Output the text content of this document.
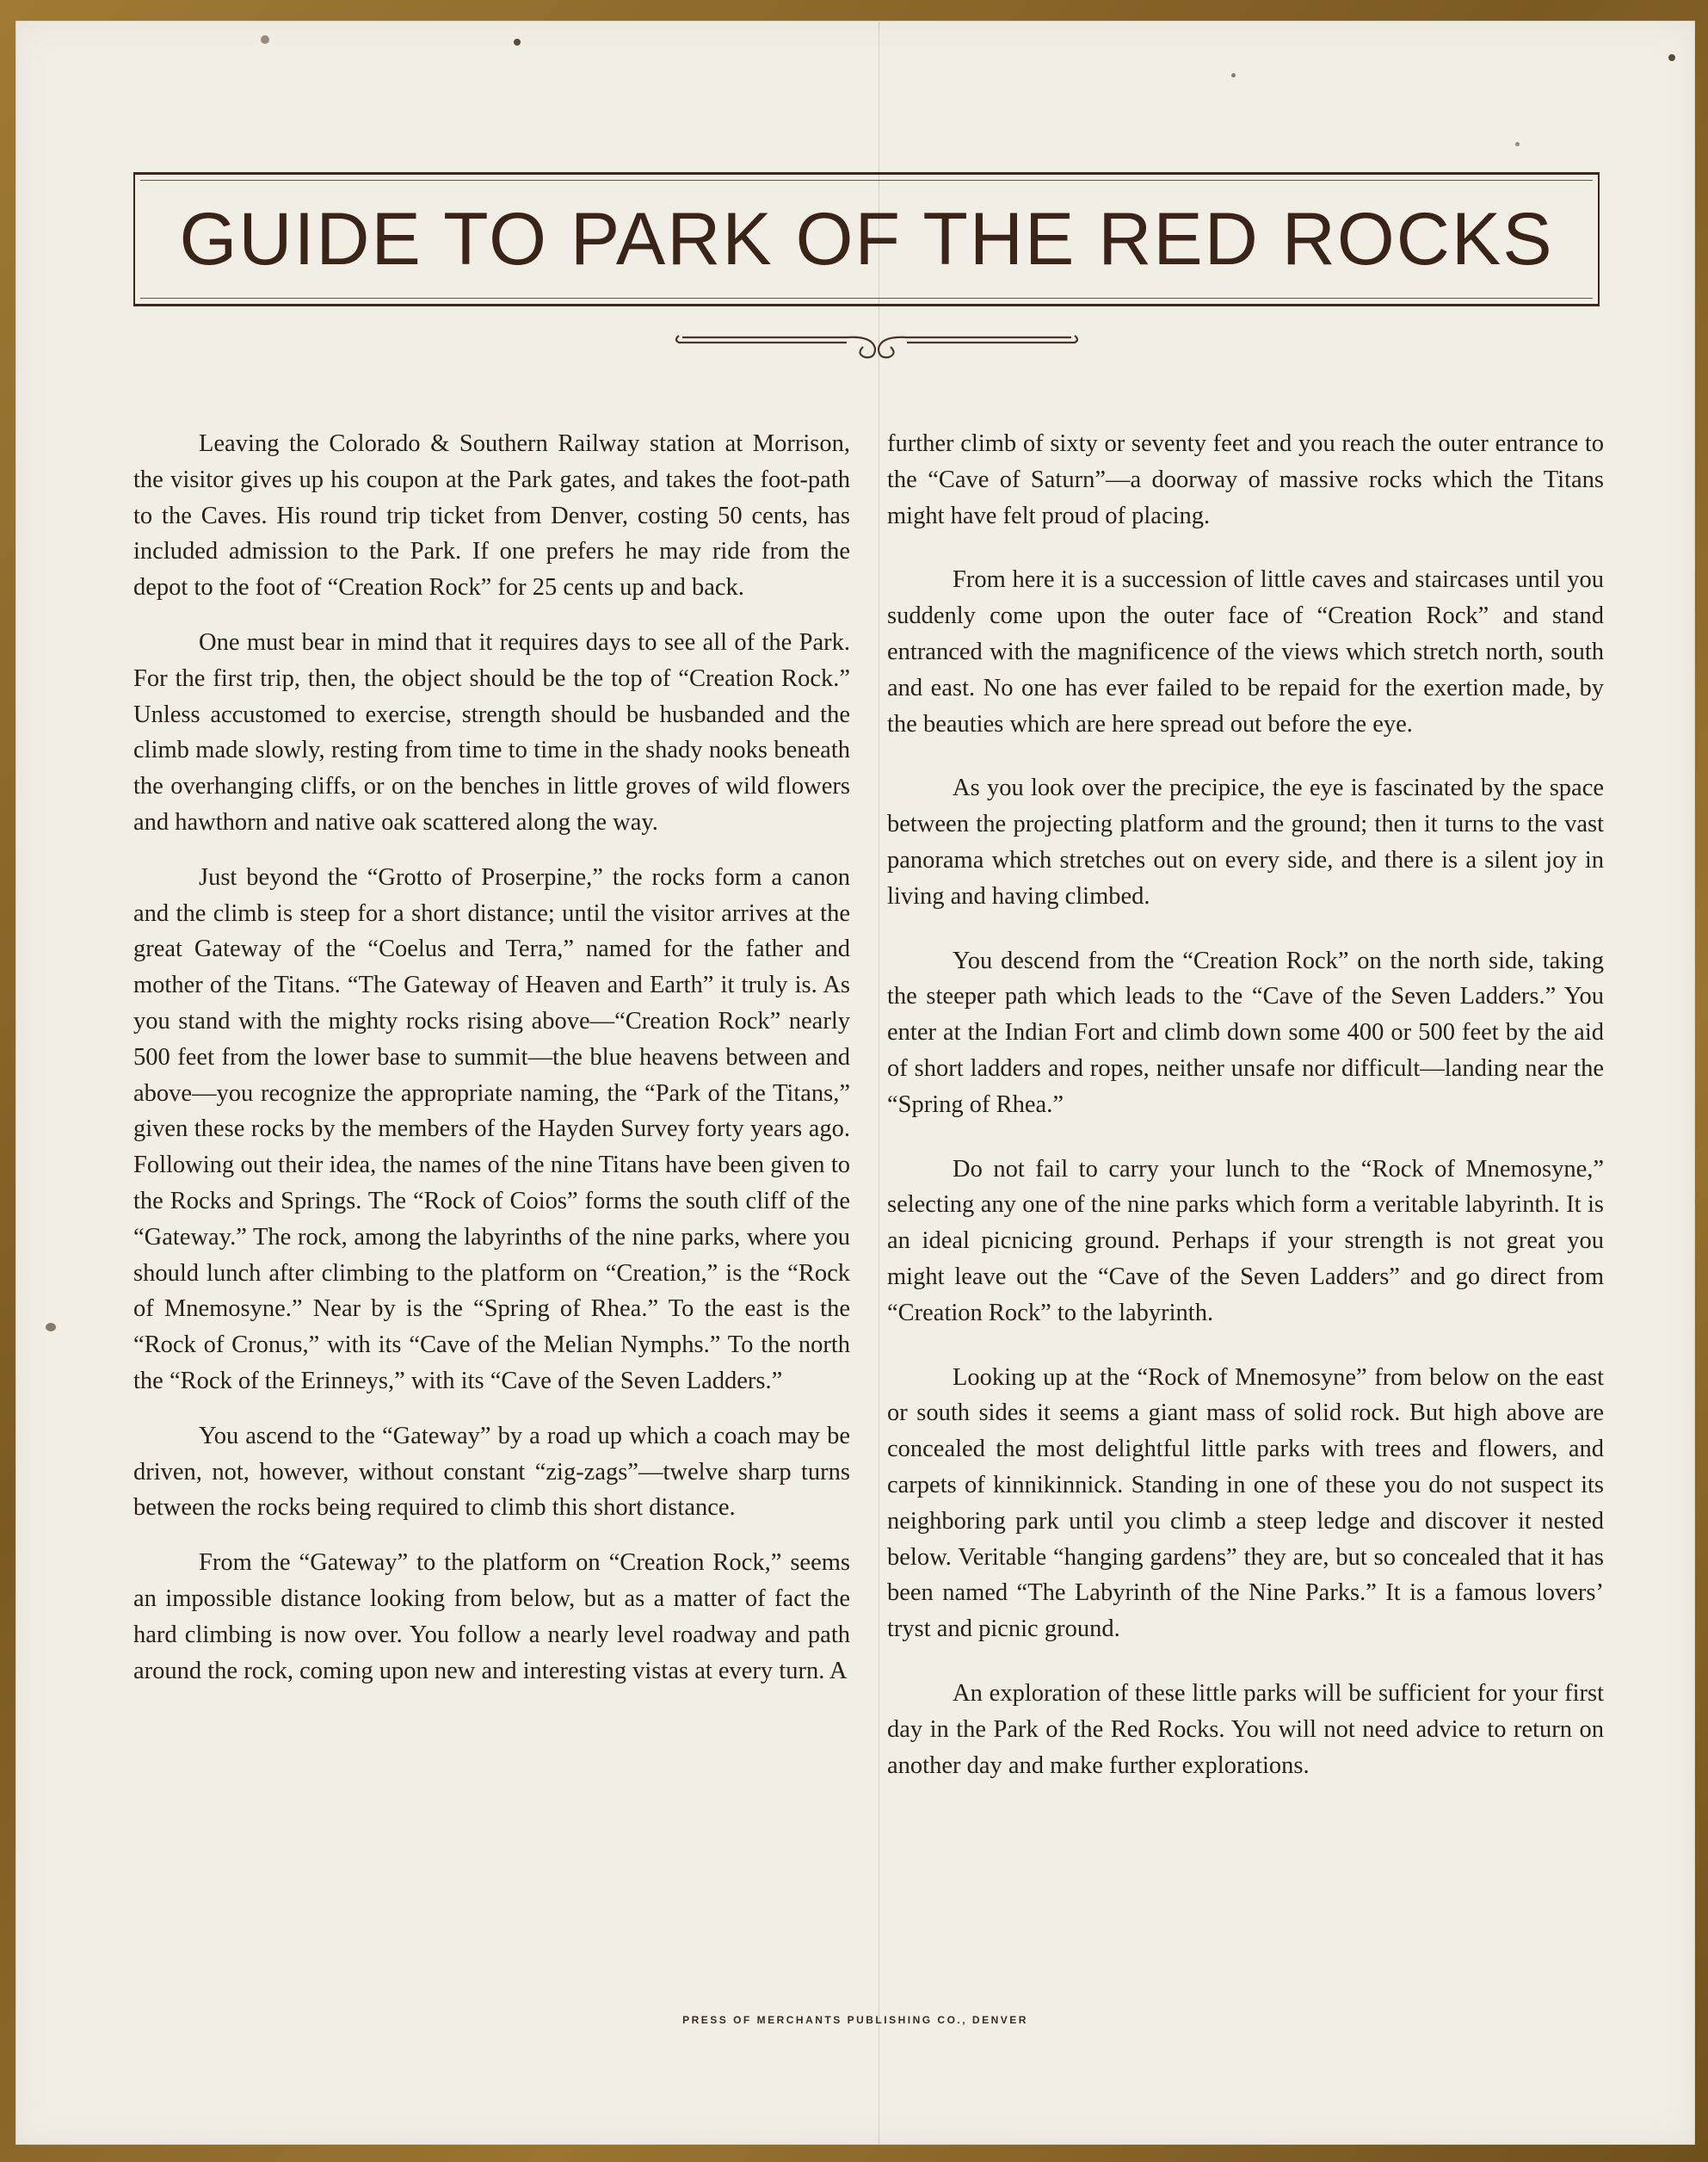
GUIDE TO PARK OF THE RED ROCKS

Leaving the Colorado & Southern Railway station at Morrison, the visitor gives up his coupon at the Park gates, and takes the foot-path to the Caves. His round trip ticket from Denver, costing 50 cents, has included admission to the Park. If one prefers he may ride from the depot to the foot of “Creation Rock” for 25 cents up and back.

One must bear in mind that it requires days to see all of the Park. For the first trip, then, the object should be the top of “Creation Rock.” Unless accustomed to exercise, strength should be husbanded and the climb made slowly, resting from time to time in the shady nooks beneath the overhanging cliffs, or on the benches in little groves of wild flowers and hawthorn and native oak scattered along the way.

Just beyond the “Grotto of Proserpine,” the rocks form a canon and the climb is steep for a short distance; until the visitor arrives at the great Gateway of the “Coelus and Terra,” named for the father and mother of the Titans. “The Gateway of Heaven and Earth” it truly is. As you stand with the mighty rocks rising above—“Creation Rock” nearly 500 feet from the lower base to summit—the blue heavens between and above—you recognize the appropriate naming, the “Park of the Titans,” given these rocks by the members of the Hayden Survey forty years ago. Following out their idea, the names of the nine Titans have been given to the Rocks and Springs. The “Rock of Coios” forms the south cliff of the “Gateway.” The rock, among the labyrinths of the nine parks, where you should lunch after climbing to the platform on “Creation,” is the “Rock of Mnemosyne.” Near by is the “Spring of Rhea.” To the east is the “Rock of Cronus,” with its “Cave of the Melian Nymphs.” To the north the “Rock of the Erinneys,” with its “Cave of the Seven Ladders.”

You ascend to the “Gateway” by a road up which a coach may be driven, not, however, without constant “zig-zags”—twelve sharp turns between the rocks being required to climb this short distance.

From the “Gateway” to the platform on “Creation Rock,” seems an impossible distance looking from below, but as a matter of fact the hard climbing is now over. You follow a nearly level roadway and path around the rock, coming upon new and interesting vistas at every turn. A

further climb of sixty or seventy feet and you reach the outer entrance to the “Cave of Saturn”—a doorway of massive rocks which the Titans might have felt proud of placing.

From here it is a succession of little caves and staircases until you suddenly come upon the outer face of “Creation Rock” and stand entranced with the magnificence of the views which stretch north, south and east. No one has ever failed to be repaid for the exertion made, by the beauties which are here spread out before the eye.

As you look over the precipice, the eye is fascinated by the space between the projecting platform and the ground; then it turns to the vast panorama which stretches out on every side, and there is a silent joy in living and having climbed.

You descend from the “Creation Rock” on the north side, taking the steeper path which leads to the “Cave of the Seven Ladders.” You enter at the Indian Fort and climb down some 400 or 500 feet by the aid of short ladders and ropes, neither unsafe nor difficult—landing near the “Spring of Rhea.”

Do not fail to carry your lunch to the “Rock of Mnemosyne,” selecting any one of the nine parks which form a veritable labyrinth. It is an ideal picnicing ground. Perhaps if your strength is not great you might leave out the “Cave of the Seven Ladders” and go direct from “Creation Rock” to the labyrinth.

Looking up at the “Rock of Mnemosyne” from below on the east or south sides it seems a giant mass of solid rock. But high above are concealed the most delightful little parks with trees and flowers, and carpets of kinnikinnick. Standing in one of these you do not suspect its neighboring park until you climb a steep ledge and discover it nested below. Veritable “hanging gardens” they are, but so concealed that it has been named “The Labyrinth of the Nine Parks.” It is a famous lovers’ tryst and picnic ground.

An exploration of these little parks will be sufficient for your first day in the Park of the Red Rocks. You will not need advice to return on another day and make further explorations.

PRESS OF MERCHANTS PUBLISHING CO., DENVER
